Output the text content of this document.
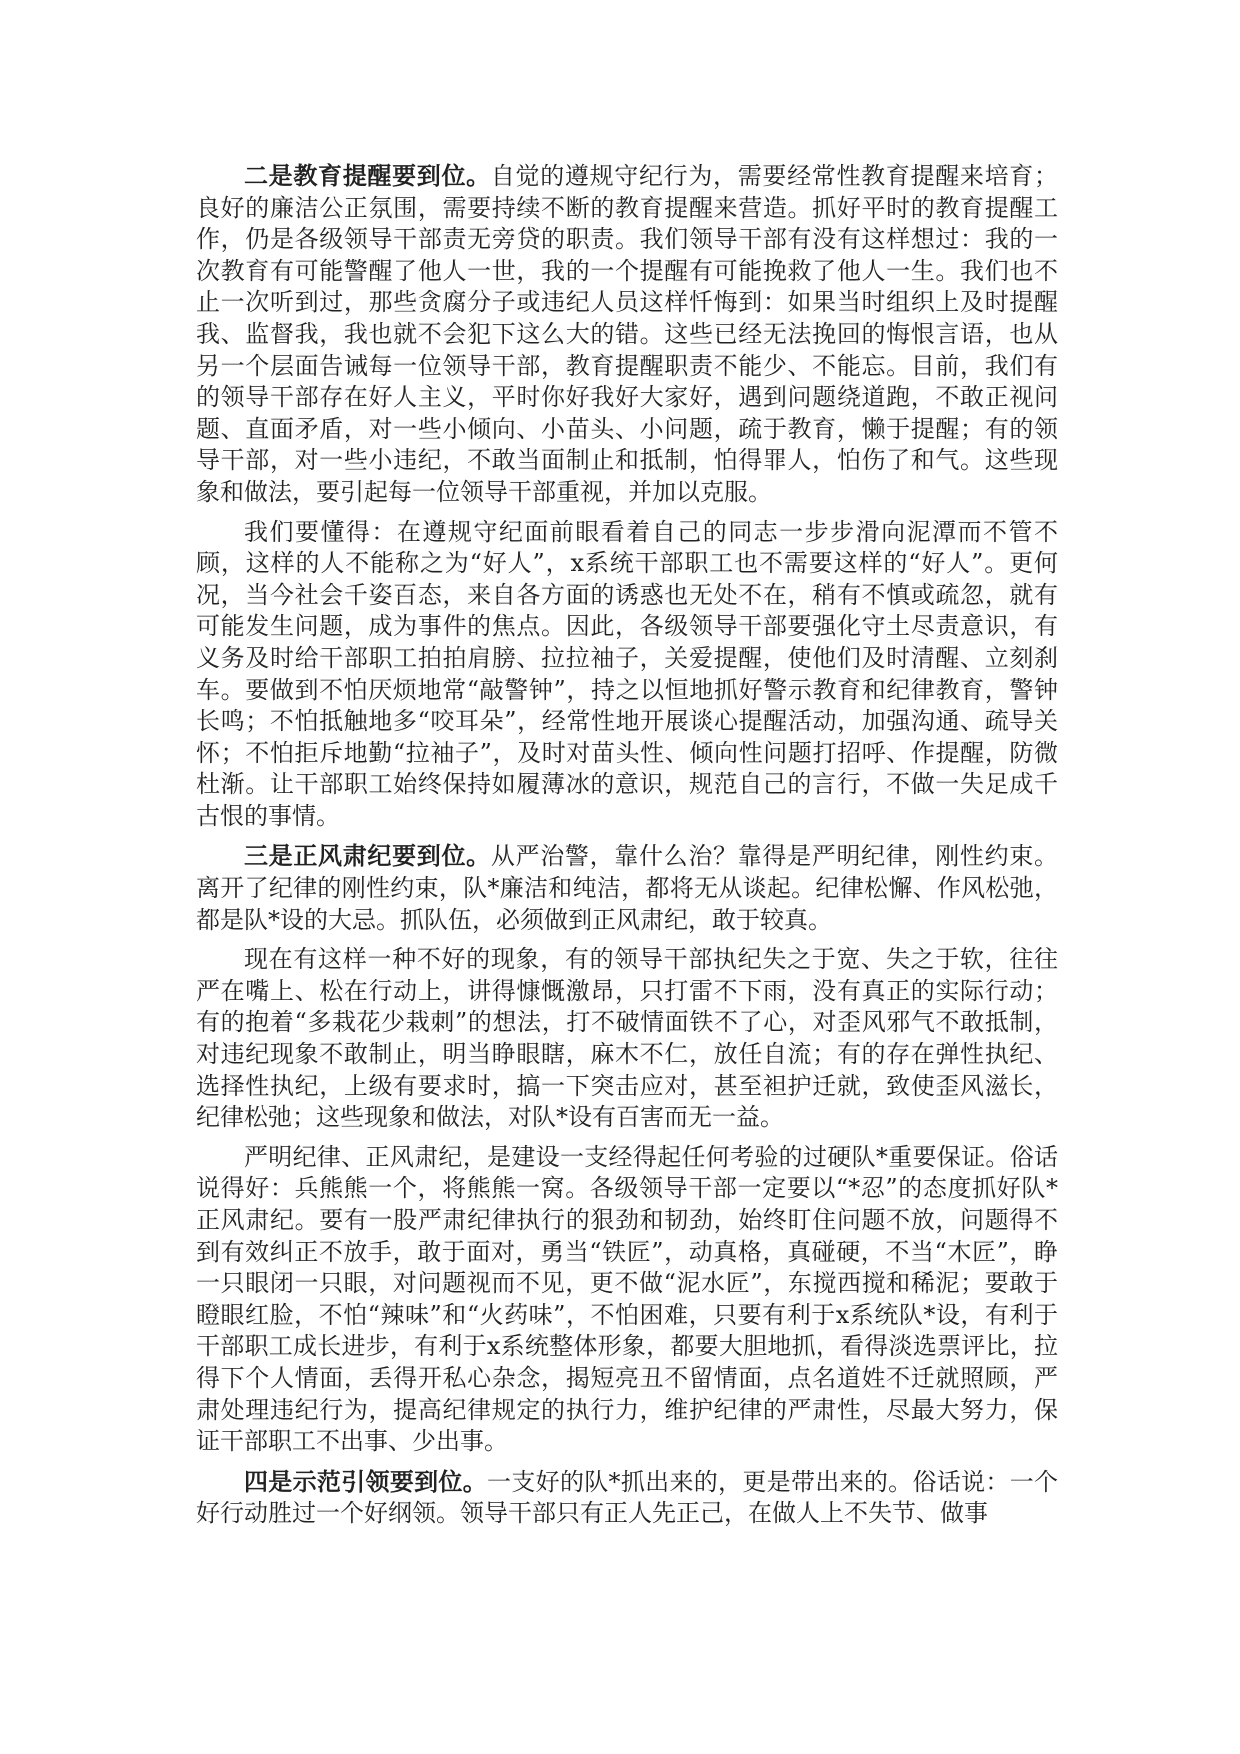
二是教育提醒要到位。自觉的遵规守纪行为，需要经常性教育提醒来培育；良好的廉洁公正氛围，需要持续不断的教育提醒来营造。抓好平时的教育提醒工作，仍是各级领导干部责无旁贷的职责。我们领导干部有没有这样想过：我的一次教育有可能警醒了他人一世，我的一个提醒有可能挽救了他人一生。我们也不止一次听到过，那些贪腐分子或违纪人员这样忏悔到：如果当时组织上及时提醒我、监督我，我也就不会犯下这么大的错。这些已经无法挽回的悔恨言语，也从另一个层面告诫每一位领导干部，教育提醒职责不能少、不能忘。目前，我们有的领导干部存在好人主义，平时你好我好大家好，遇到问题绕道跑，不敢正视问题、直面矛盾，对一些小倾向、小苗头、小问题，疏于教育，懒于提醒；有的领导干部，对一些小违纪，不敢当面制止和抵制，怕得罪人，怕伤了和气。这些现象和做法，要引起每一位领导干部重视，并加以克服。

我们要懂得：在遵规守纪面前眼看着自己的同志一步步滑向泥潭而不管不顾，这样的人不能称之为“好人”，x系统干部职工也不需要这样的“好人”。更何况，当今社会千姿百态，来自各方面的诱惑也无处不在，稍有不慎或疏忽，就有可能发生问题，成为事件的焦点。因此，各级领导干部要强化守土尽责意识，有义务及时给干部职工拍拍肩膀、拉拉袖子，关爱提醒，使他们及时清醒、立刻刹车。要做到不怕厌烦地常“敲警钟”，持之以恒地抓好警示教育和纪律教育，警钟长鸣；不怕抵触地多“咬耳朵”，经常性地开展谈心提醒活动，加强沟通、疏导关怀；不怕拒斥地勤“拉袖子”，及时对苗头性、倾向性问题打招呼、作提醒，防微杜渐。让干部职工始终保持如履薄冰的意识，规范自己的言行，不做一失足成千古恨的事情。

三是正风肃纪要到位。从严治警，靠什么治？靠得是严明纪律，刚性约束。离开了纪律的刚性约束，队*廉洁和纯洁，都将无从谈起。纪律松懈、作风松弛，都是队*设的大忌。抓队伍，必须做到正风肃纪，敢于较真。

现在有这样一种不好的现象，有的领导干部执纪失之于宽、失之于软，往往严在嘴上、松在行动上，讲得慷慨激昂，只打雷不下雨，没有真正的实际行动；有的抱着“多栽花少栽刺”的想法，打不破情面铁不了心，对歪风邪气不敢抵制，对违纪现象不敢制止，明当睁眼瞎，麻木不仁，放任自流；有的存在弹性执纪、选择性执纪，上级有要求时，搞一下突击应对，甚至袒护迁就，致使歪风滋长，纪律松弛；这些现象和做法，对队*设有百害而无一益。

严明纪律、正风肃纪，是建设一支经得起任何考验的过硬队*重要保证。俗话说得好：兵熊熊一个，将熊熊一窝。各级领导干部一定要以“*忍”的态度抓好队*正风肃纪。要有一股严肃纪律执行的狠劲和韧劲，始终盯住问题不放，问题得不到有效纠正不放手，敢于面对，勇当“铁匠”，动真格，真碰硬，不当“木匠”，睁一只眼闭一只眼，对问题视而不见，更不做“泥水匠”，东搅西搅和稀泥；要敢于瞪眼红脸，不怕“辣味”和“火药味”，不怕困难，只要有利于x系统队*设，有利于干部职工成长进步，有利于x系统整体形象，都要大胆地抓，看得淡选票评比，拉得下个人情面，丢得开私心杂念，揭短亮丑不留情面，点名道姓不迁就照顾，严肃处理违纪行为，提高纪律规定的执行力，维护纪律的严肃性，尽最大努力，保证干部职工不出事、少出事。

四是示范引领要到位。一支好的队*抓出来的，更是带出来的。俗话说：一个好行动胜过一个好纲领。领导干部只有正人先正己，在做人上不失节、做事
